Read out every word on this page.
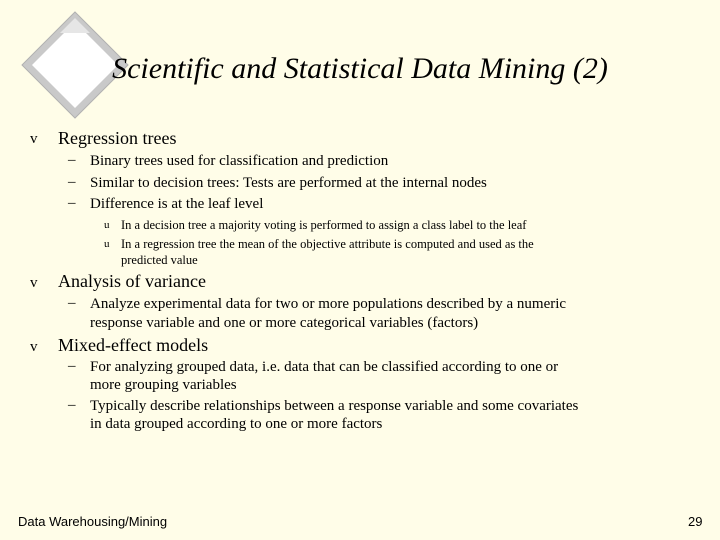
Scientific and Statistical Data Mining (2)
v Regression trees
– Binary trees used for classification and prediction
– Similar to decision trees: Tests are performed at the internal nodes
– Difference is at the leaf level
u In a decision tree a majority voting is performed to assign a class label to the leaf
u In a regression tree the mean of the objective attribute is computed and used as the
predicted value
v Analysis of variance
– Analyze experimental data for two or more populations described by a numeric
response variable and one or more categorical variables (factors)
v Mixed-effect models
– For analyzing grouped data, i.e. data that can be classified according to one or
more grouping variables
– Typically describe relationships between a response variable and some covariates
in data grouped according to one or more factors
Data Warehousing/Mining	29
